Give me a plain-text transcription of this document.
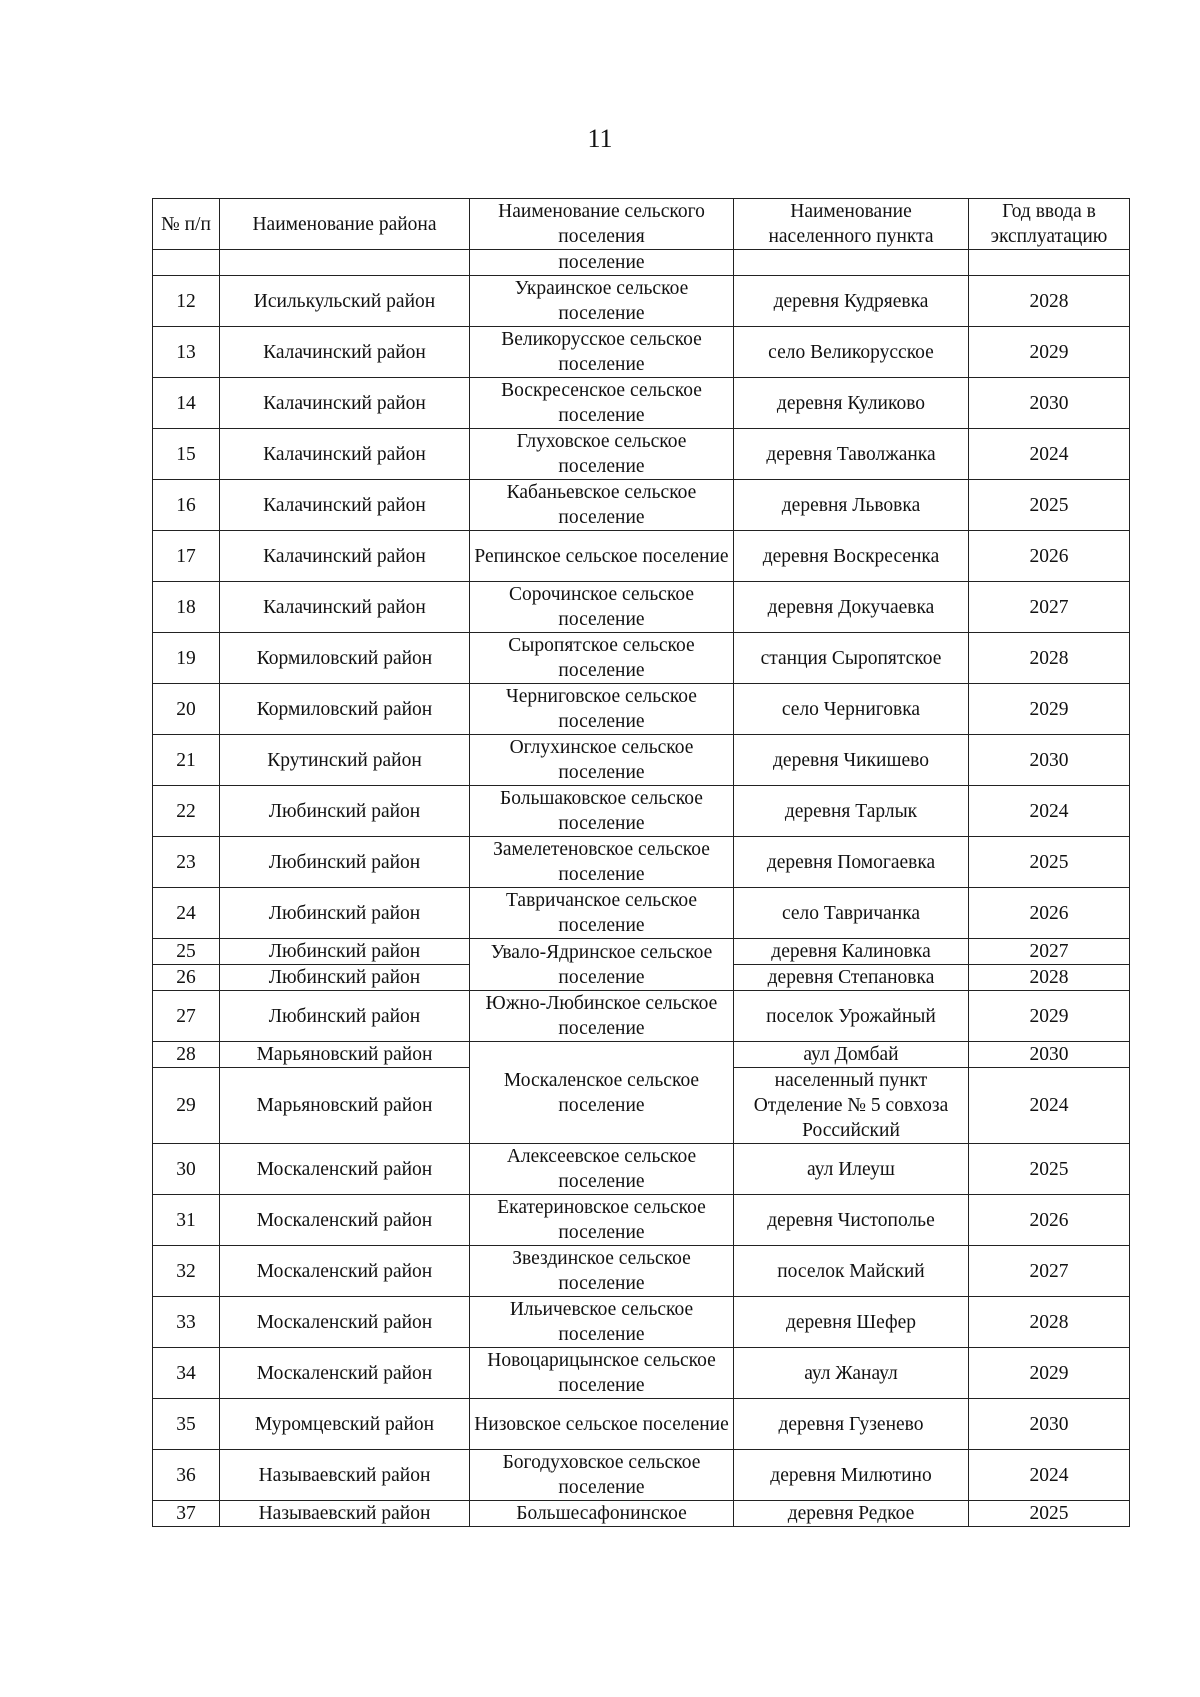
11
№ п/п	Наименование района	Наименование сельского поселения	Наименование населенного пункта	Год ввода в эксплуатацию
		поселение		
12	Исилькульский район	Украинское сельское поселение	деревня Кудряевка	2028
13	Калачинский район	Великорусское сельское поселение	село Великорусское	2029
14	Калачинский район	Воскресенское сельское поселение	деревня Куликово	2030
15	Калачинский район	Глуховское сельское поселение	деревня Таволжанка	2024
16	Калачинский район	Кабаньевское сельское поселение	деревня Львовка	2025
17	Калачинский район	Репинское сельское поселение	деревня Воскресенка	2026
18	Калачинский район	Сорочинское сельское поселение	деревня Докучаевка	2027
19	Кормиловский район	Сыропятское сельское поселение	станция Сыропятское	2028
20	Кормиловский район	Черниговское сельское поселение	село Черниговка	2029
21	Крутинский район	Оглухинское сельское поселение	деревня Чикишево	2030
22	Любинский район	Большаковское сельское поселение	деревня Тарлык	2024
23	Любинский район	Замелетеновское сельское поселение	деревня Помогаевка	2025
24	Любинский район	Тавричанское сельское поселение	село Тавричанка	2026
25	Любинский район	Увало-Ядринское сельское поселение	деревня Калиновка	2027
26	Любинский район		деревня Степановка	2028
27	Любинский район	Южно-Любинское сельское поселение	поселок Урожайный	2029
28	Марьяновский район	Москаленское сельское поселение	аул Домбай	2030
29	Марьяновский район		населенный пункт Отделение № 5 совхоза Российский	2024
30	Москаленский район	Алексеевское сельское поселение	аул Илеуш	2025
31	Москаленский район	Екатериновское сельское поселение	деревня Чистополье	2026
32	Москаленский район	Звездинское сельское поселение	поселок Майский	2027
33	Москаленский район	Ильичевское сельское поселение	деревня Шефер	2028
34	Москаленский район	Новоцарицынское сельское поселение	аул Жанаул	2029
35	Муромцевский район	Низовское сельское поселение	деревня Гузенево	2030
36	Называевский район	Богодуховское сельское поселение	деревня Милютино	2024
37	Называевский район	Большесафонинское	деревня Редкое	2025
